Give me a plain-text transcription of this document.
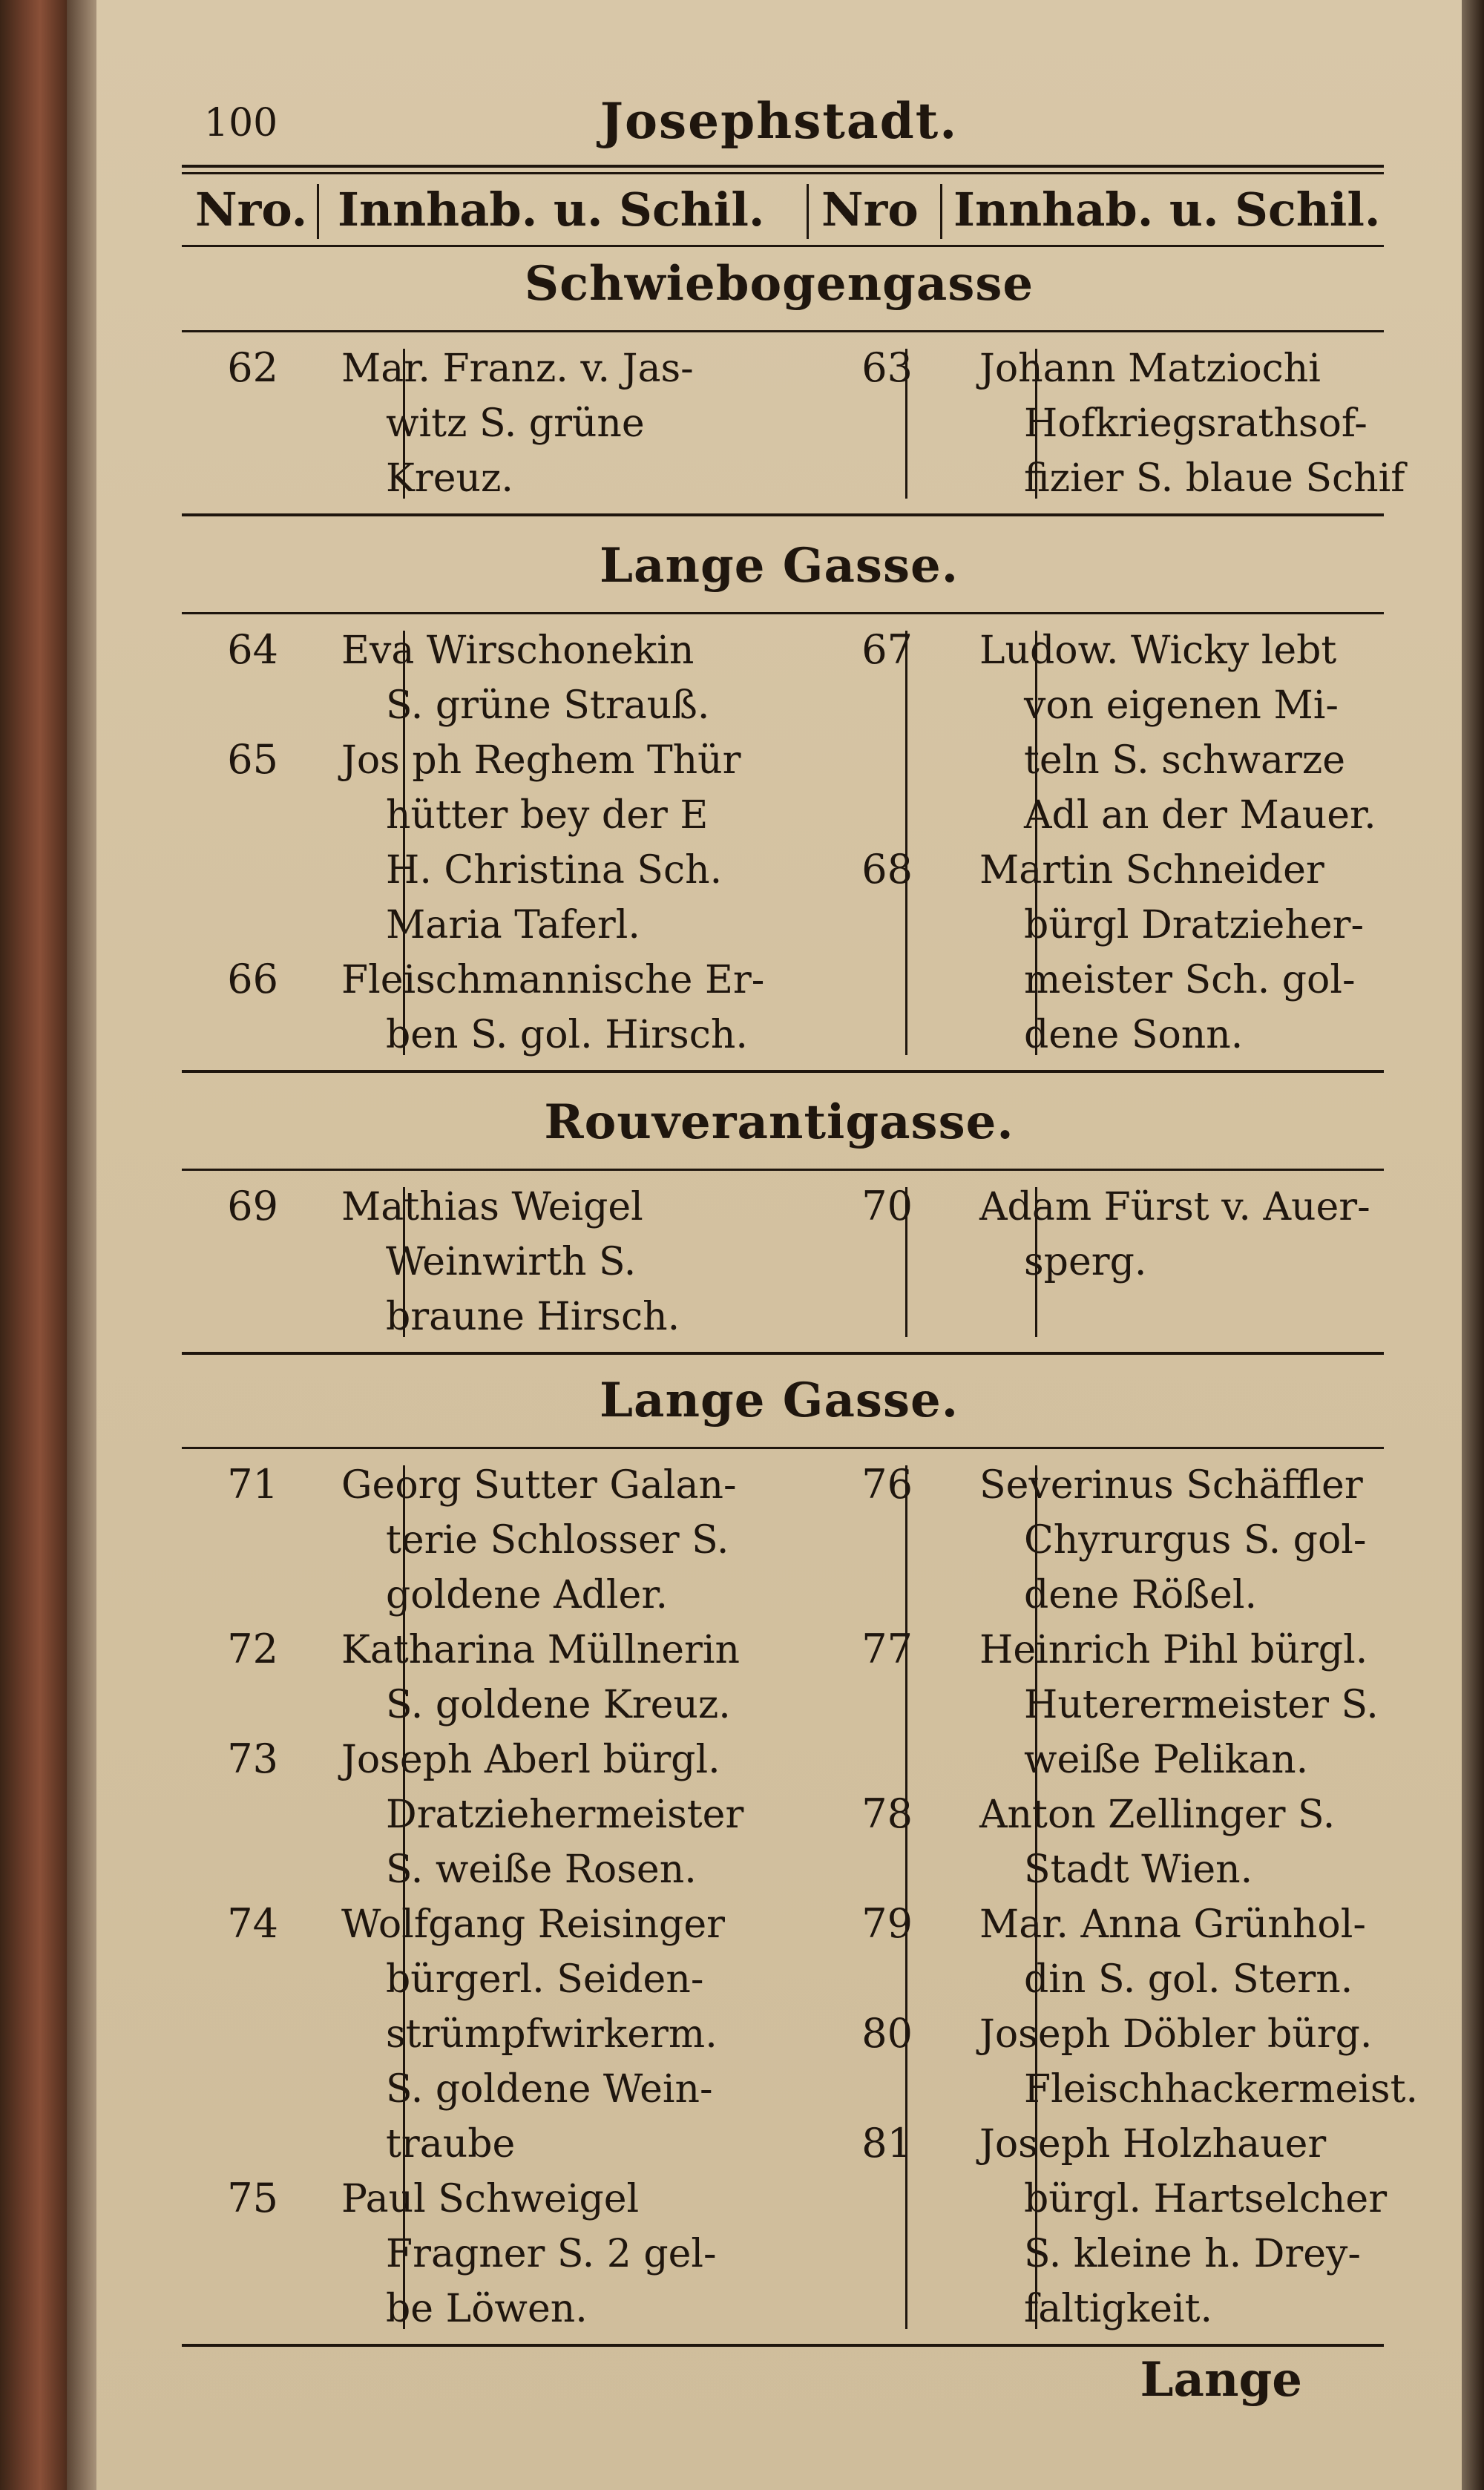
100	Josephstadt.
Nro. Innhab. u. Schil. Nro Innhab. u. Schil.
Schwiebogengasse
62 Mar. Franz. v. Jas-
witz S. grüne
Kreuz.
63 Johann Matziochi
Hofkriegsrathsof-
fizier S. blaue Schif
Lange Gasse.
64 Eva Wirschonekin
S. grüne Strauß.
65 Jos ph Reghem Thür
hütter bey der E
H. Christina Sch.
Maria Taferl.
66 Fleischmannische Er-
ben S. gol. Hirsch.
67 Ludow. Wicky lebt
von eigenen Mi-
teln S. schwarze
Adl an der Mauer.
68 Martin Schneider
bürgl Dratzieher-
meister Sch. gol-
dene Sonn.
Rouverantigasse.
69 Mathias Weigel
Weinwirth S.
braune Hirsch.
70 Adam Fürst v. Auer-
sperg.
Lange Gasse.
71 Georg Sutter Galan-
terie Schlosser S.
goldene Adler.
72 Katharina Müllnerin
S. goldene Kreuz.
73 Joseph Aberl bürgl.
Dratziehermeister
S. weiße Rosen.
74 Wolfgang Reisinger
bürgerl. Seiden-
strümpfwirkerm.
S. goldene Wein-
traube
75 Paul Schweigel
Fragner S. 2 gel-
be Löwen.
76 Severinus Schäffler
Chyrurgus S. gol-
dene Rößel.
77 Heinrich Pihl bürgl.
Huterermeister S.
weiße Pelikan.
78 Anton Zellinger S.
Stadt Wien.
79 Mar. Anna Grünhol-
din S. gol. Stern.
80 Joseph Döbler bürg.
Fleischhackermeist.
81 Joseph Holzhauer
bürgl. Hartselcher
S. kleine h. Drey-
faltigkeit.
Lange
